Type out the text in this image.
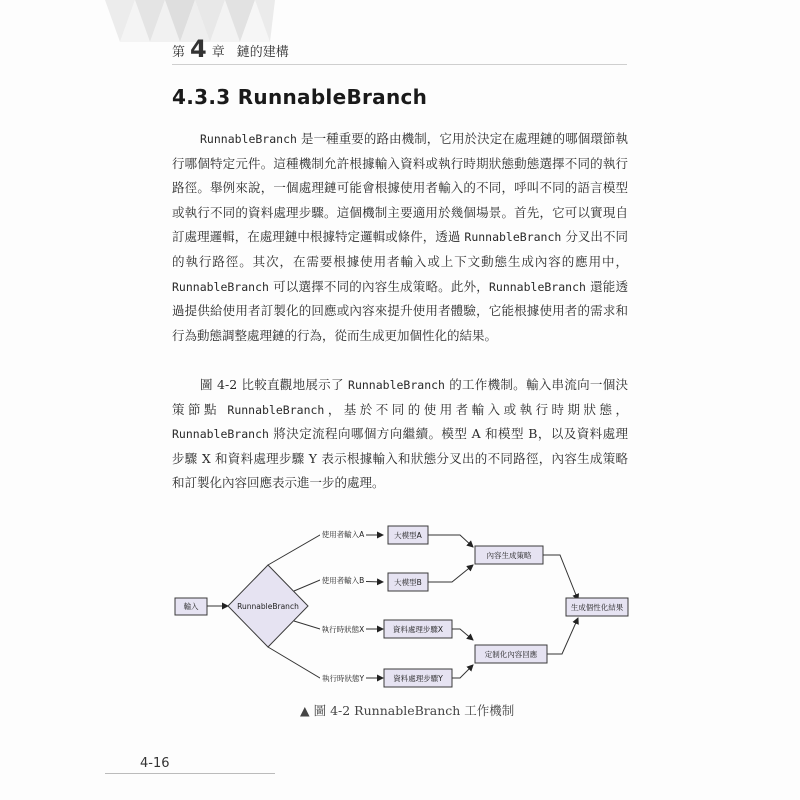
第 4 章 鏈的建構
4.3.3 RunnableBranch

RunnableBranch 是一種重要的路由機制，它用於決定在處理鏈的哪個環節執行哪個特定元件。這種機制允許根據輸入資料或執行時期狀態動態選擇不同的執行路徑。舉例來說，一個處理鏈可能會根據使用者輸入的不同，呼叫不同的語言模型或執行不同的資料處理步驟。這個機制主要適用於幾個場景。首先，它可以實現自訂處理邏輯，在處理鏈中根據特定邏輯或條件，透過 RunnableBranch 分叉出不同的執行路徑。其次，在需要根據使用者輸入或上下文動態生成內容的應用中，RunnableBranch 可以選擇不同的內容生成策略。此外，RunnableBranch 還能透過提供給使用者訂製化的回應或內容來提升使用者體驗，它能根據使用者的需求和行為動態調整處理鏈的行為，從而生成更加個性化的結果。

圖 4-2 比較直觀地展示了 RunnableBranch 的工作機制。輸入串流向一個決策節點 RunnableBranch，基於不同的使用者輸入或執行時期狀態，RunnableBranch 將決定流程向哪個方向繼續。模型 A 和模型 B，以及資料處理步驟 X 和資料處理步驟 Y 表示根據輸入和狀態分叉出的不同路徑，內容生成策略和訂製化內容回應表示進一步的處理。

輸入	RunnableBranch
大模型A
大模型B
資料處理步驟X
資料處理步驟Y
內容生成策略
定制化內容回應
生成個性化結果
使用者輸入A
使用者輸入B
執行時狀態X
執行時狀態Y
▲ 圖 4-2 RunnableBranch 工作機制
4-16
